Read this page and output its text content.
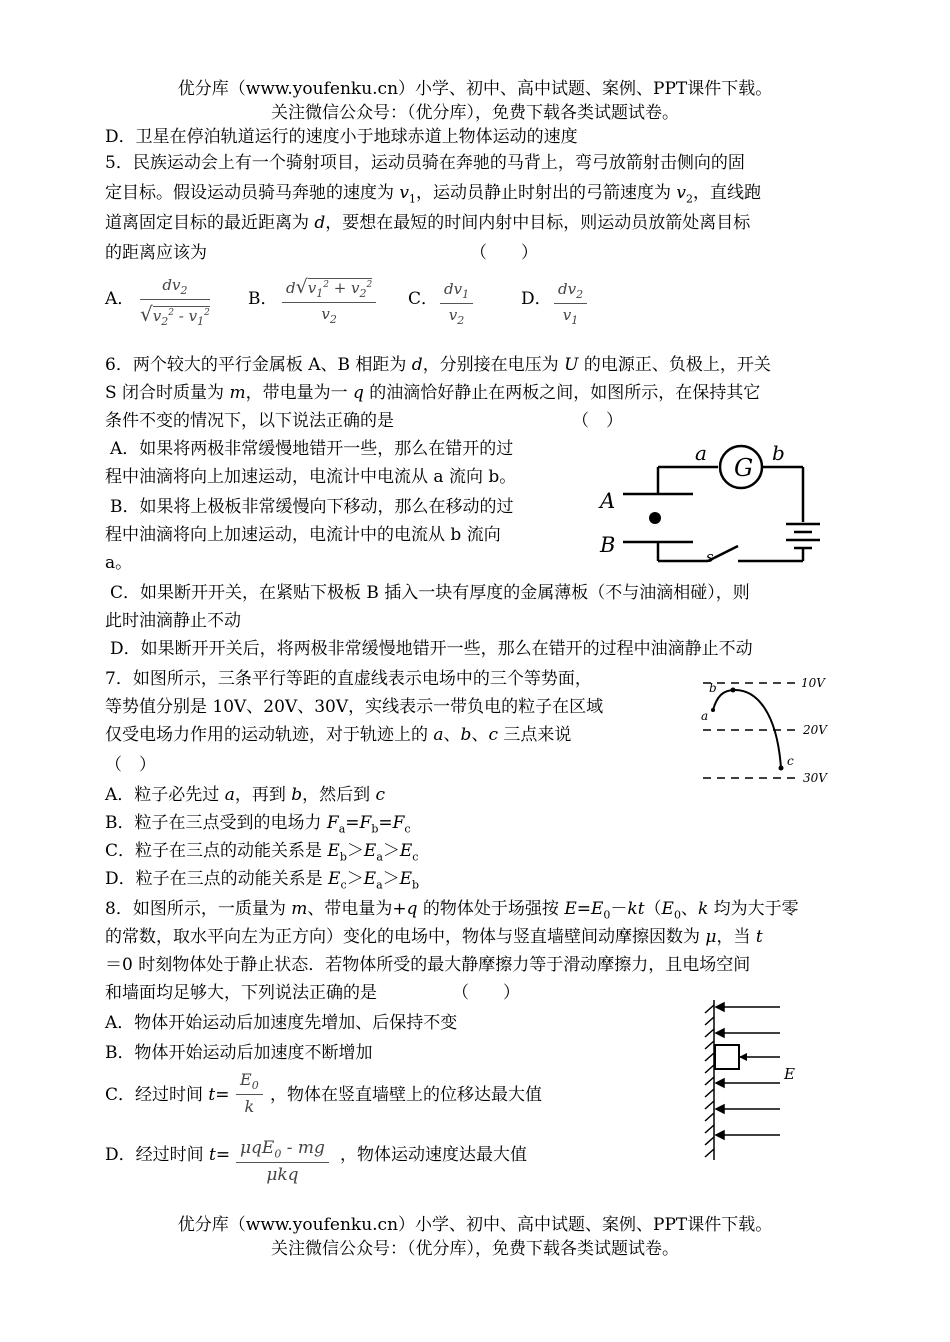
优分库（www.youfenku.cn）小学、初中、高中试题、案例、PPT课件下载。
关注微信公众号：（优分库），免费下载各类试题试卷。
D．卫星在停泊轨道运行的速度小于地球赤道上物体运动的速度
5．民族运动会上有一个骑射项目，运动员骑在奔驰的马背上，弯弓放箭射击侧向的固
定目标。假设运动员骑马奔驰的速度为 $v_1$，运动员静止时射出的弓箭速度为 $v_2$，直线跑
道离固定目标的最近距离为 d，要想在最短的时间内射中目标，则运动员放箭处离目标
的距离应该为	（　　）
A． $\frac{dv_2}{√v_2^2 - v_1^2}$ B． $\frac{d√v_1^2 + v_2^2}{v_2}$ C． $\frac{dv_1}{v_2}$	D． $\frac{dv_2}{v_1}$
6．两个较大的平行金属板 A、B 相距为 d，分别接在电压为 U 的电源正、负极上，开关
S 闭合时质量为 m，带电量为一 q 的油滴恰好静止在两板之间，如图所示，在保持其它
条件不变的情况下，以下说法正确的是	（　）
A．如果将两极非常缓慢地错开一些，那么在错开的过
程中油滴将向上加速运动，电流计中电流从 a 流向 b。
B．如果将上极板非常缓慢向下移动，那么在移动的过
程中油滴将向上加速运动，电流计中的电流从 b 流向
a。
C．如果断开开关，在紧贴下极板 B 插入一块有厚度的金属薄板（不与油滴相碰），则
此时油滴静止不动
D．如果断开开关后，将两极非常缓慢地错开一些，那么在错开的过程中油滴静止不动
G
a	b
A
B	s
7．如图所示，三条平行等距的直虚线表示电场中的三个等势面，
等势值分别是 10V、20V、30V，实线表示一带负电的粒子在区域
仅受电场力作用的运动轨迹，对于轨迹上的 a、b、c 三点来说
（　）
A．粒子必先过 a，再到 b，然后到 c
B．粒子在三点受到的电场力 $F_a=F_b=F_c$
C．粒子在三点的动能关系是 $E_b>E_a>E_c$
D．粒子在三点的动能关系是 $E_c>E_a>E_b$
b
a
c
10V
20V
30V
8．如图所示，一质量为 m、带电量为+q 的物体处于场强按 $E=E_0-kt(E_0$、k 均为大于零
的常数，取水平向左为正方向）变化的电场中，物体与竖直墙壁间动摩擦因数为 μ，当 t
＝0 时刻物体处于静止状态．若物体所受的最大静摩擦力等于滑动摩擦力，且电场空间
和墙面均足够大，下列说法正确的是	（　　）
A．物体开始运动后加速度先增加、后保持不变
B．物体开始运动后加速度不断增加
C．经过时间 $t= \frac{E_0}{k}$ ，物体在竖直墙壁上的位移达最大值
D．经过时间 t= μqE$_0$ - mg
μkq
，物体运动速度达最大值
E
优分库（www.youfenku.cn）小学、初中、高中试题、案例、PPT课件下载。
关注微信公众号：（优分库），免费下载各类试题试卷。
